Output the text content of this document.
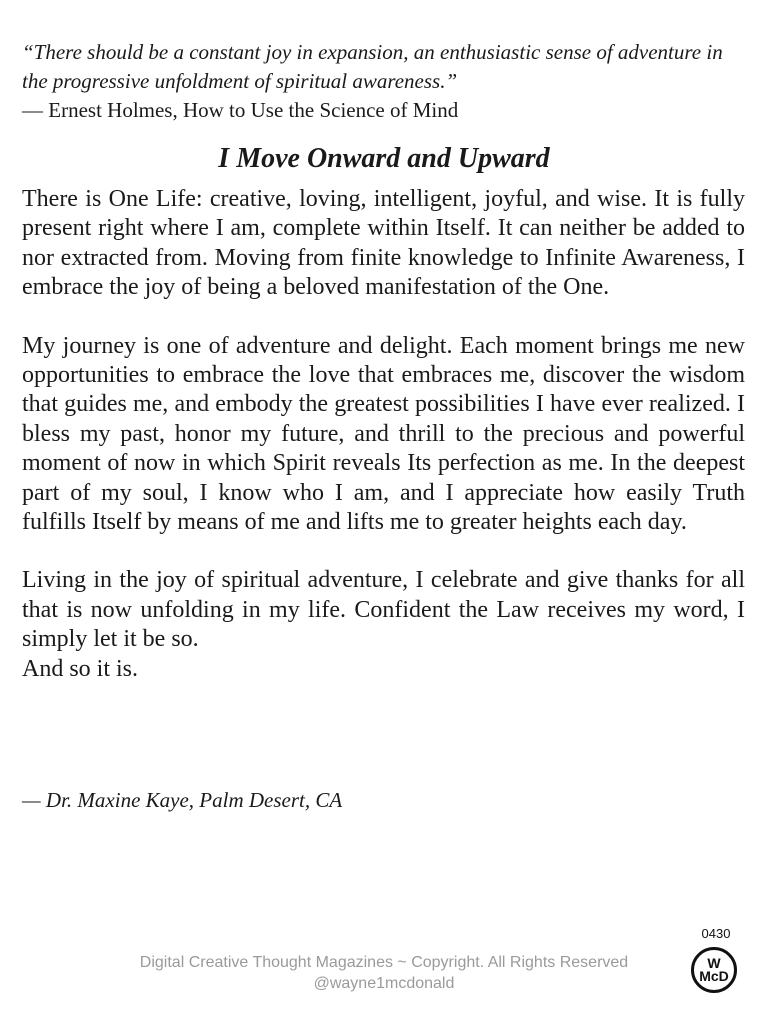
“There should be a constant joy in expansion, an enthusiastic sense of adventure in the progressive unfoldment of spiritual awareness.”
— Ernest Holmes, How to Use the Science of Mind
I Move Onward and Upward

There is One Life: creative, loving, intelligent, joyful, and wise. It is fully present right where I am, complete within Itself. It can neither be added to nor extracted from. Moving from finite knowledge to Infinite Awareness, I embrace the joy of being a beloved manifestation of the One.

My journey is one of adventure and delight. Each moment brings me new opportunities to embrace the love that embraces me, discover the wisdom that guides me, and embody the greatest possibilities I have ever realized. I bless my past, honor my future, and thrill to the precious and powerful moment of now in which Spirit reveals Its perfection as me. In the deepest part of my soul, I know who I am, and I appreciate how easily Truth fulfills Itself by means of me and lifts me to greater heights each day.

Living in the joy of spiritual adventure, I celebrate and give thanks for all that is now unfolding in my life. Confident the Law receives my word, I simply let it be so.

And so it is.

— Dr. Maxine Kaye, Palm Desert, CA
Digital Creative Thought Magazines ~ Copyright. All Rights Reserved
@wayne1mcdonald
0430
W
McD
